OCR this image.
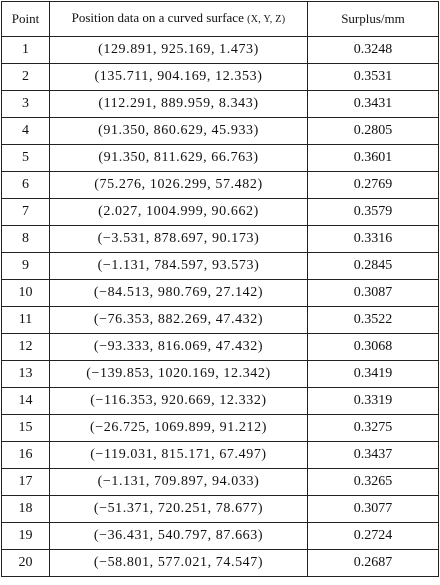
Point	Position data on a curved surface (X, Y, Z)	Surplus/mm
1	(129.891, 925.169, 1.473)	0.3248
2	(135.711, 904.169, 12.353)	0.3531
3	(112.291, 889.959, 8.343)	0.3431
4	(91.350, 860.629, 45.933)	0.2805
5	(91.350, 811.629, 66.763)	0.3601
6	(75.276, 1026.299, 57.482)	0.2769
7	(2.027, 1004.999, 90.662)	0.3579
8	(−3.531, 878.697, 90.173)	0.3316
9	(−1.131, 784.597, 93.573)	0.2845
10	(−84.513, 980.769, 27.142)	0.3087
11	(−76.353, 882.269, 47.432)	0.3522
12	(−93.333, 816.069, 47.432)	0.3068
13	(−139.853, 1020.169, 12.342)	0.3419
14	(−116.353, 920.669, 12.332)	0.3319
15	(−26.725, 1069.899, 91.212)	0.3275
16	(−119.031, 815.171, 67.497)	0.3437
17	(−1.131, 709.897, 94.033)	0.3265
18	(−51.371, 720.251, 78.677)	0.3077
19	(−36.431, 540.797, 87.663)	0.2724
20	(−58.801, 577.021, 74.547)	0.2687
